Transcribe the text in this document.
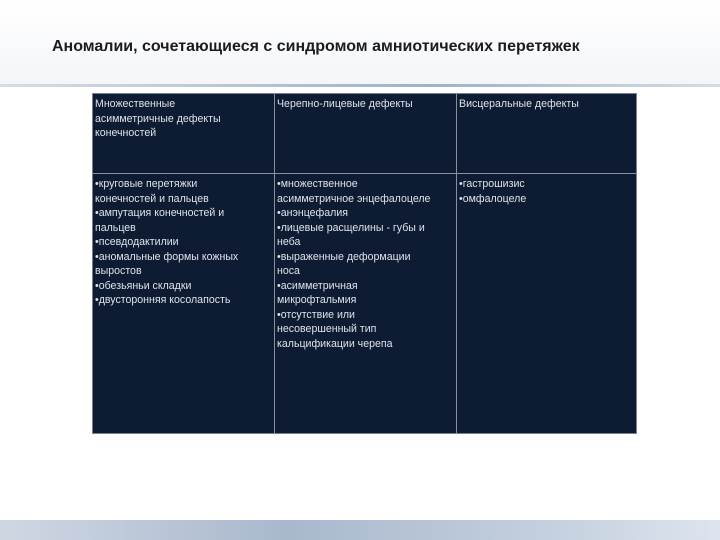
Аномалии, сочетающиеся с синдромом амниотических перетяжек
Множественные
асимметричные дефекты
конечностей
Черепно-лицевые дефекты	Висцеральные дефекты
•круговые перетяжки
конечностей и пальцев
•ампутация конечностей и
пальцев
•псевдодактилии
•аномальные формы кожных
выростов
•обезьяньи складки
•двусторонняя косолапость
•множественное
асимметричное энцефалоцеле
•анэнцефалия
•лицевые расщелины - губы и
неба
•выраженные деформации
носа
•асимметричная
микрофтальмия
•отсутствие или
несовершенный тип
кальцификации черепа
•гастрошизис
•омфалоцеле
